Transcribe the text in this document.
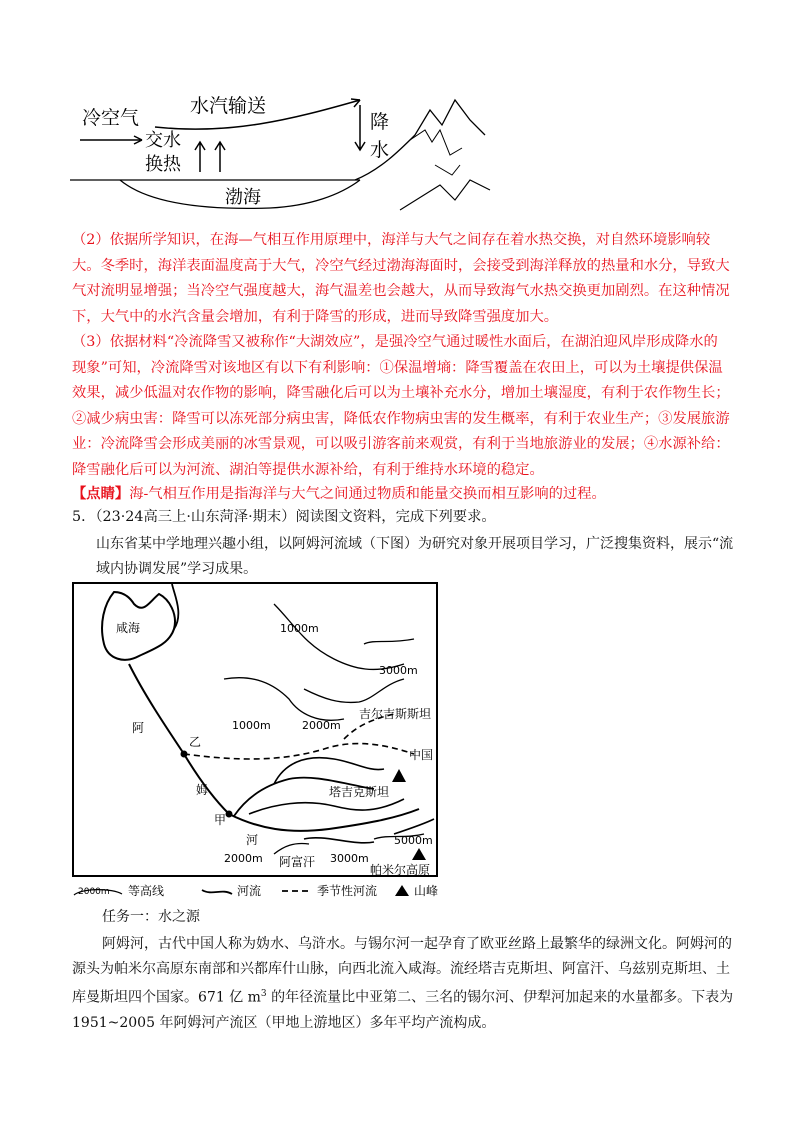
冷空气
水汽输送
交水
换热
降
水
渤海
（2）依据所学知识，在海—气相互作用原理中，海洋与大气之间存在着水热交换，对自然环境影响较大。冬季时，海洋表面温度高于大气，冷空气经过渤海海面时，会接受到海洋释放的热量和水分，导致大气对流明显增强；当冷空气强度越大，海气温差也会越大，从而导致海气水热交换更加剧烈。在这种情况下，大气中的水汽含量会增加，有利于降雪的形成，进而导致降雪强度加大。
（3）依据材料“冷流降雪又被称作“大湖效应”，是强冷空气通过暖性水面后，在湖泊迎风岸形成降水的现象”可知，冷流降雪对该地区有以下有利影响：①保温增墒：降雪覆盖在农田上，可以为土壤提供保温效果，减少低温对农作物的影响，降雪融化后可以为土壤补充水分，增加土壤湿度，有利于农作物生长；②减少病虫害：降雪可以冻死部分病虫害，降低农作物病虫害的发生概率，有利于农业生产；③发展旅游业：冷流降雪会形成美丽的冰雪景观，可以吸引游客前来观赏，有利于当地旅游业的发展；④水源补给：降雪融化后可以为河流、湖泊等提供水源补给，有利于维持水环境的稳定。
【点睛】海-气相互作用是指海洋与大气之间通过物质和能量交换而相互影响的过程。
5．（23·24高三上·山东菏泽·期末）阅读图文资料，完成下列要求。
山东省某中学地理兴趣小组，以阿姆河流域（下图）为研究对象开展项目学习，广泛搜集资料，展示“流域内协调发展”学习成果。
咸海	1000m
3000m
吉尔吉斯斯坦
2000m
1000m
阿
乙
中国
姆	塔吉克斯坦
甲
河	5000m
2000m 阿富汗 3000m
帕米尔高原
2000m 等高线	河流	季节性河流	山峰
任务一：水之源
阿姆河，古代中国人称为妫水、乌浒水。与锡尔河一起孕育了欧亚丝路上最繁华的绿洲文化。阿姆河的源头为帕米尔高原东南部和兴都库什山脉，向西北流入咸海。流经塔吉克斯坦、阿富汗、乌兹别克斯坦、土库曼斯坦四个国家。671 亿 $m^3$ 的年径流量比中亚第二、三名的锡尔河、伊犁河加起来的水量都多。下表为 1951~2005 年阿姆河产流区（甲地上游地区）多年平均产流构成。
